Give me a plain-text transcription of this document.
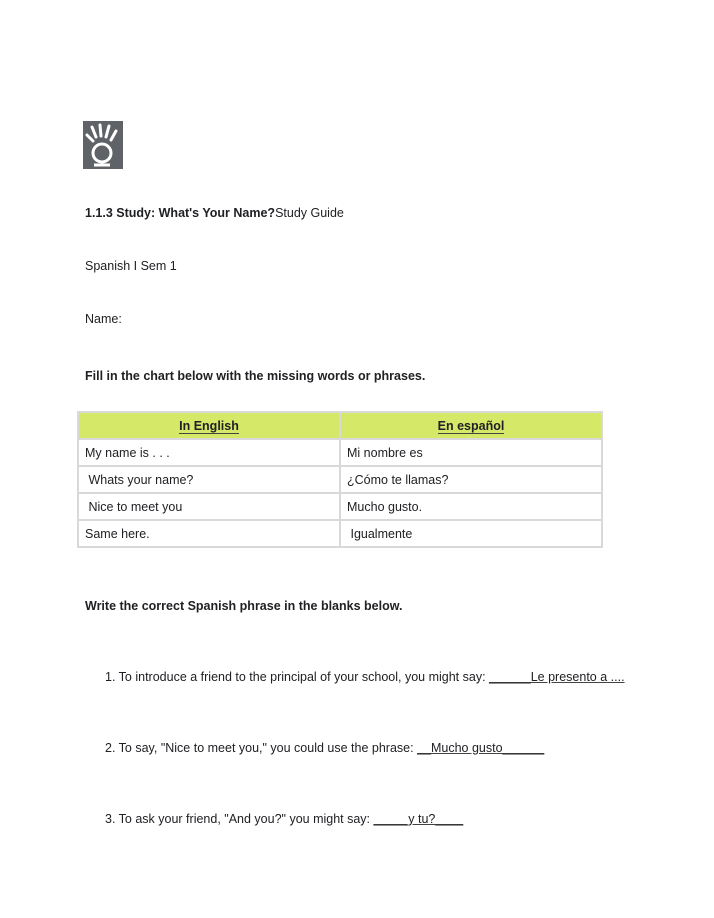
1.1.3 Study: What's Your Name?Study Guide
Spanish I Sem 1
Name:
Fill in the chart below with the missing words or phrases.
In English	En español
My name is . . .	Mi nombre es
Whats your name?	¿Cómo te llamas?
Nice to meet you	Mucho gusto.
Same here.	Igualmente
Write the correct Spanish phrase in the blanks below.
1. To introduce a friend to the principal of your school, you might say: ______Le presento a ....
2. To say, "Nice to meet you," you could use the phrase: __Mucho gusto______
3. To ask your friend, "And you?" you might say: _____y tu?____
